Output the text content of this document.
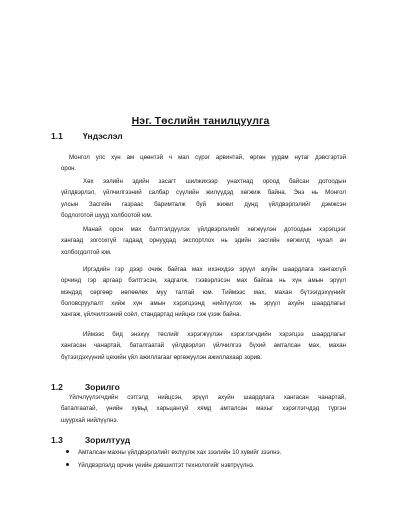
Нэг. Төслийн танилцуулга
1.1 Үндэслэл

Монгол улс хүн ам цөөнтэй ч мал сүрэг арвинтай, өргөн уудам нутаг дэвсгэртэй
орон.

Хөх ээлийн эдийн засагт шилжихээр унахтнад ороод байсан дотоодын
үйлдвэрлэл, үйлчилгээний салбар сүүлийн жилүүдэд хөгжиж байна. Энэ нь Монгол
улсын Засгийн газраас баримталж буй жижиг дунд үйлдвэрлэлийг дэмжсэн
бодлоготой шууд холбоотой юм.

Манай орон мах бэлтгэлдүүлэх үйлдвэрлэлийг хөгжүүлэн дотоодын хэрэгцээг
хангаад зогсохгүй гадаад орнуудад экспортлох нь эдийн засгийн хөгжилд чухал ач
холбогдолтой юм.

Иргэдийн гэр дээр очиж байгаа мах ихэнхдээ эрүүл ахуйн шаардлага хангахгүй
орчинд гэр аргаар бэлтгэсэн, хадгалж, тээвэрлэсэн мах байгаа нь хүн амын эрүүл
мэндэд сөргөөр нөлөөлөх муу талтай юм. Тиймээс мах, махан бүтээгдэхүүнийг
боловсруулалт хийж хүн амын хэрэгцээнд нийлүүлэх нь эрүүл ахуйн шаардлагыг
хангаж, үйлчилгээний соёл, стандартад нийцнэ гэж үзэж байна.

Иймээс бид энэхүү төслийг хэрэгжүүлэн хэрэглэгчдийн хэрэгцээ шаардлагыг
хангасан чанартай, баталгаатай үйлдвэрлэл үйлчилгээ бүхий амталсан мах, махан
бүтээгдэхүүний цехийн үйл ажиллагааг өргөжүүлэн ажиллахаар зорив.

1.2	Зорилго

Үйлчлүүлэгчдийн сэтгэлд нийцсэн, эрүүл ахуйн шаардлага хангасан чанартай,
баталгаатай, үнийн хувьд харьцангуй хямд амталсан махыг хэрэглэгчдэд түргэн
шуурхай нийлүүлнэ.

1.3	Зорилтууд
Амталсан махны үйлдвэрлэлийг өхлүүлж хах зээлийн 10 хувийг зээлнэ.
Үйлдвэрлэлд орчин үеийн дэвшилтэт технологийг нэвтрүүлнэ.
